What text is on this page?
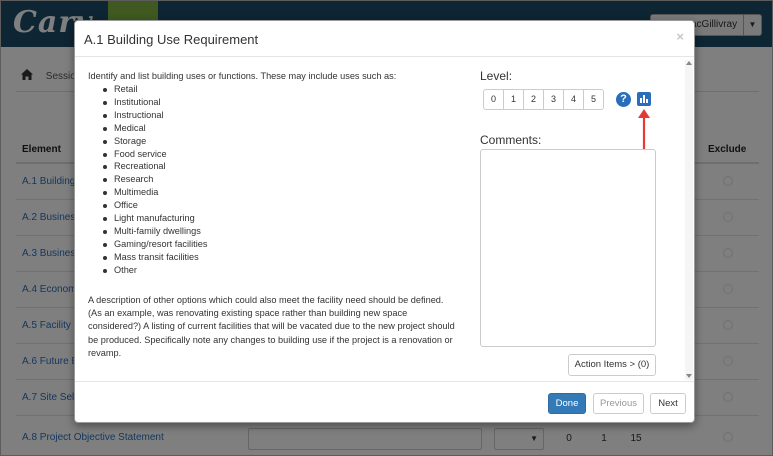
A.1 Building Use Requirement	×
Identify and list building uses or functions. These may include uses such as:
Retail
Institutional
Instructional
Medical
Storage
Food service
Recreational
Research
Multimedia
Office
Light manufacturing
Multi-family dwellings
Gaming/resort facilities
Mass transit facilities
Other
A description of other options which could also meet the facility need should be defined. (As an example, was renovating existing space rather than building new space considered?) A listing of current facilities that will be vacated due to the new project should be produced. Specifically note any changes to building use if the project is a renovation or revamp.
Level:
0	1	2	3	4	5	?
Comments:
Action Items > (0)
Done	Previous	Next
